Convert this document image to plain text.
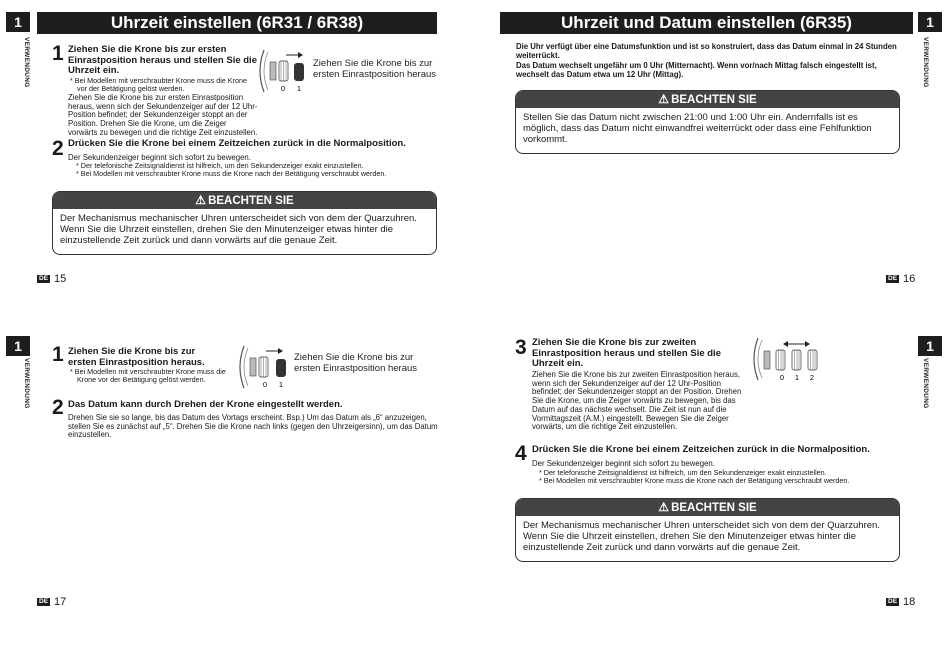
1
VERWENDUNG
Uhrzeit einstellen (6R31 / 6R38)
1 Ziehen Sie die Krone bis zur ersten Einrastposition heraus und stellen Sie die Uhrzeit ein.
* Bei Modellen mit verschraubter Krone muss die Krone vor der Betätigung gelöst werden.
Ziehen Sie die Krone bis zur ersten Einrastposition heraus, wenn sich der Sekundenzeiger auf der 12 Uhr-Position befindet; der Sekundenzeiger stoppt an der Position. Drehen Sie die Krone, um die Zeiger vorwärts zu bewegen und die richtige Zeit einzustellen.
0 1
Ziehen Sie die Krone bis zur ersten Einrastposition heraus
2 Drücken Sie die Krone bei einem Zeitzeichen zurück in die Normalposition.
Der Sekundenzeiger beginnt sich sofort zu bewegen.
* Der telefonische Zeitsignaldienst ist hilfreich, um den Sekundenzeiger exakt einzustellen.
* Bei Modellen mit verschraubter Krone muss die Krone nach der Betätigung verschraubt werden.
⚠ BEACHTEN SIE
Der Mechanismus mechanischer Uhren unterscheidet sich von dem der Quarzuhren. Wenn Sie die Uhrzeit einstellen, drehen Sie den Minutenzeiger etwas hinter die einzustellende Zeit zurück und dann vorwärts auf die genaue Zeit.
DE 15
Uhrzeit und Datum einstellen (6R35)	1
VERWENDUNG
Die Uhr verfügt über eine Datumsfunktion und ist so konstruiert, dass das Datum einmal in 24 Stunden weiterrückt.
Das Datum wechselt ungefähr um 0 Uhr (Mitternacht). Wenn vor/nach Mittag falsch eingestellt ist, wechselt das Datum etwa um 12 Uhr (Mittag).
⚠ BEACHTEN SIE
Stellen Sie das Datum nicht zwischen 21:00 und 1:00 Uhr ein. Andernfalls ist es möglich, dass das Datum nicht einwandfrei weiterrückt oder dass eine Fehlfunktion vorkommt.
DE 16
1
VERWENDUNG
1 Ziehen Sie die Krone bis zur ersten Einrastposition heraus.
* Bei Modellen mit verschraubter Krone muss die Krone vor der Betätigung gelöst werden.
0 1
Ziehen Sie die Krone bis zur ersten Einrastposition heraus
2 Das Datum kann durch Drehen der Krone eingestellt werden.
Drehen Sie sie so lange, bis das Datum des Vortags erscheint. Bsp.) Um das Datum als „6“ anzuzeigen, stellen Sie es zunächst auf „5“. Drehen Sie die Krone nach links (gegen den Uhrzeigersinn), um das Datum einzustellen.
DE 17
1
VERWENDUNG
3 Ziehen Sie die Krone bis zur zweiten Einrastposition heraus und stellen Sie die Uhrzeit ein.
Ziehen Sie die Krone bis zur zweiten Einrastposition heraus, wenn sich der Sekundenzeiger auf der 12 Uhr-Position befindet; der Sekundenzeiger stoppt an der Position. Drehen Sie die Krone, um die Zeiger vorwärts zu bewegen, bis das Datum auf das nächste wechselt. Die Zeit ist nun auf die Vormittagszeit (A.M.) eingestellt. Bewegen Sie die Zeiger vorwärts, um die richtige Zeit einzustellen.
0 1 2
4 Drücken Sie die Krone bei einem Zeitzeichen zurück in die Normalposition.
Der Sekundenzeiger beginnt sich sofort zu bewegen.
* Der telefonische Zeitsignaldienst ist hilfreich, um den Sekundenzeiger exakt einzustellen.
* Bei Modellen mit verschraubter Krone muss die Krone nach der Betätigung verschraubt werden.
⚠ BEACHTEN SIE
Der Mechanismus mechanischer Uhren unterscheidet sich von dem der Quarzuhren. Wenn Sie die Uhrzeit einstellen, drehen Sie den Minutenzeiger etwas hinter die einzustellende Zeit zurück und dann vorwärts auf die genaue Zeit.
DE 18
